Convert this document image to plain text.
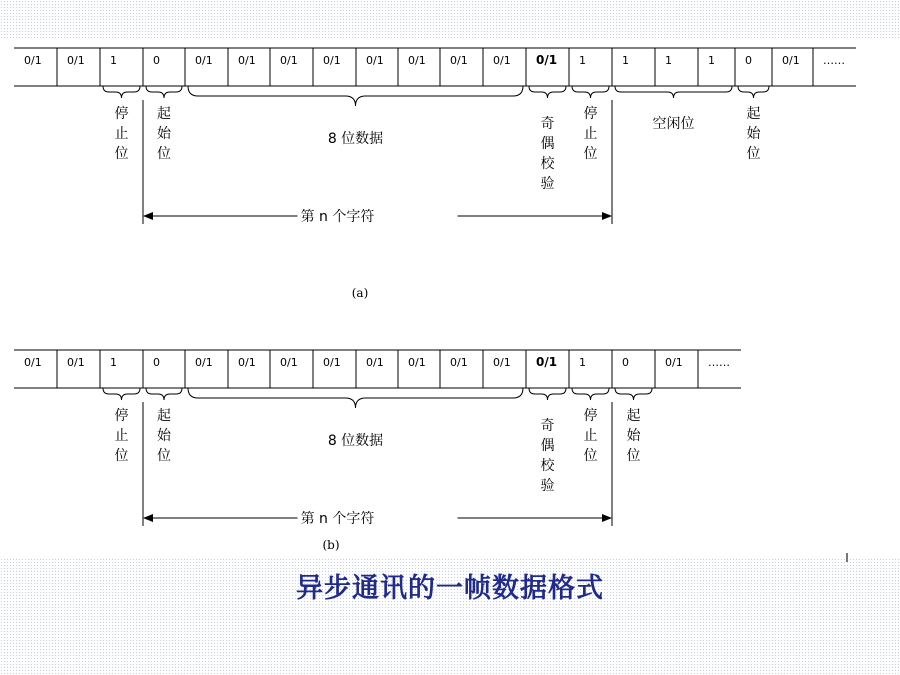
0/1 0/1 1	0	0/1 0/1 0/1 0/1 0/1 0/1 0/1 0/1 0/1 1	1	1	1	0	0/1 ……
停止位
起始位
8 位数据
奇偶校验
停止位
空闲位
起始位
第 n 个字符
(a)
0/1 0/1 1	0	0/1 0/1 0/1 0/1 0/1 0/1 0/1 0/1 0/1 1	0	0/1 ……
停止位
起始位
8 位数据
奇偶校验
停止位
起始位
第 n 个字符
(b)
异步通讯的一帧数据格式
